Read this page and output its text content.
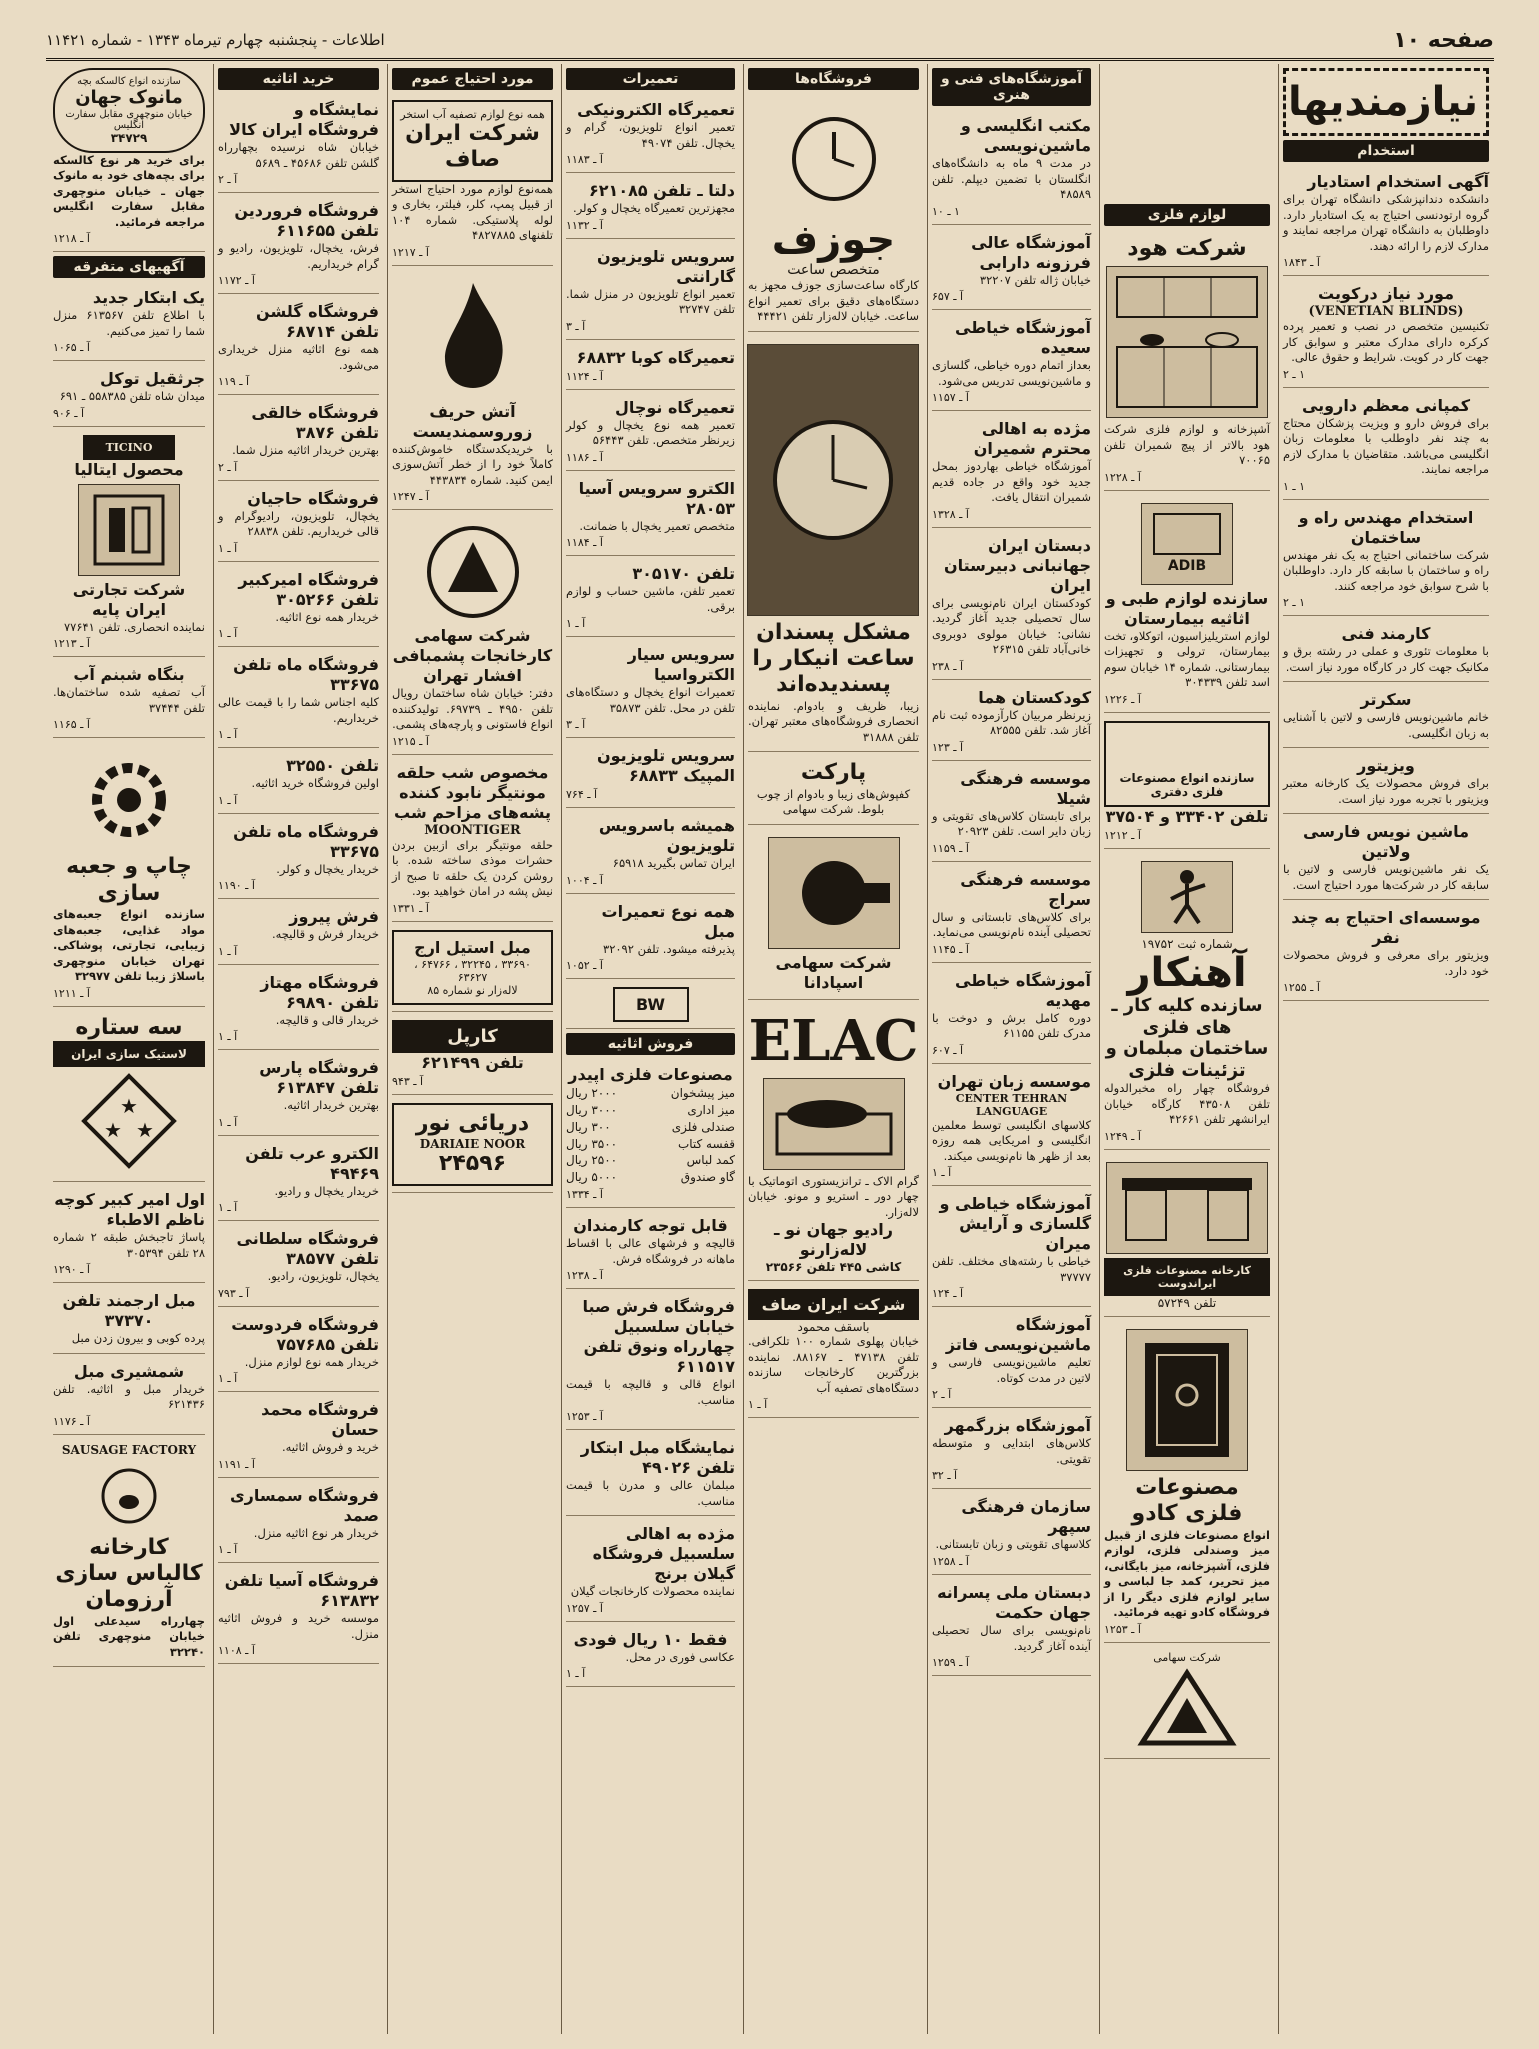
صفحه ۱۰
اطلاعات - پنجشنبه چهارم تیرماه ۱۳۴۳ - شماره ۱۱۴۲۱
نیازمندیها
استخدام
آگهی استخدام استادیار
دانشکده دندانپزشکی دانشگاه تهران برای گروه ارتودنسی احتیاج به یک استادیار دارد. داوطلبان به دانشگاه تهران مراجعه نمایند و مدارک لازم را ارائه دهند.
آ ـ ۱۸۴۳
مورد نیاز درکویت
(VENETIAN BLINDS)
تکنیسین متخصص در نصب و تعمیر پرده کرکره دارای مدارک معتبر و سوابق کار جهت کار در کویت. شرایط و حقوق عالی.
۱ ـ ۲
کمپانی معظم دارویی
برای فروش دارو و ویزیت پزشکان محتاج به چند نفر داوطلب با معلومات زبان انگلیسی می‌باشد. متقاضیان با مدارک لازم مراجعه نمایند.
۱ ـ ۱
استخدام مهندس راه و ساختمان
شرکت ساختمانی احتیاج به یک نفر مهندس راه و ساختمان با سابقه کار دارد. داوطلبان با شرح سوابق خود مراجعه کنند.
۱ ـ ۲
کارمند فنی
با معلومات تئوری و عملی در رشته برق و مکانیک جهت کار در کارگاه مورد نیاز است.
سکرتر
خانم ماشین‌نویس فارسی و لاتین با آشنایی به زبان انگلیسی.
ویزیتور
برای فروش محصولات یک کارخانه معتبر ویزیتور با تجربه مورد نیاز است.
ماشین نویس فارسی ولاتین
یک نفر ماشین‌نویس فارسی و لاتین با سابقه کار در شرکت‌ها مورد احتیاج است.
موسسه‌ای احتیاج به چند نفر
ویزیتور برای معرفی و فروش محصولات خود دارد.
آ ـ ۱۲۵۵
لوازم فلزی
شرکت هود
آشپزخانه و لوازم فلزی شرکت هود بالاتر از پیچ شمیران تلفن ۷۰۰۶۵
آ ـ ۱۲۲۸
ADIB
سازنده لوازم طبی و اثاثیه بیمارستان
لوازم استریلیزاسیون، اتوکلاو، تخت بیمارستان، ترولی و تجهیزات بیمارستانی. شماره ۱۴ خیابان سوم اسد تلفن ۳۰۴۳۳۹
آ ـ ۱۲۲۶
سازنده انواع مصنوعات فلزی دفتری
تلفن ۳۳۴۰۲ و ۳۷۵۰۴
آ ـ ۱۲۱۲
شماره ثبت ۱۹۷۵۲
آهنکار
سازنده کلیه کار ـ های فلزی ساختمان مبلمان و تزئینات فلزی
فروشگاه چهار راه مخبرالدوله تلفن ۴۳۵۰۸ کارگاه خیابان ایرانشهر تلفن ۴۲۶۶۱
آ ـ ۱۲۴۹
کارخانه مصنوعات فلزی ایراندوست
تلفن ۵۷۲۴۹
مصنوعات فلزی کادو
انواع مصنوعات فلزی از قبیل میز وصندلی فلزی، لوازم فلزی، آشپزخانه، میز بایگانی، میز تحریر، کمد جا لباسی و سایر لوازم فلزی دیگر را از فروشگاه کادو تهیه فرمائید.
آ ـ ۱۲۵۳
شرکت سهامی
آموزشگاه‌های فنی و هنری
مکتب انگلیسی و ماشین‌نویسی
در مدت ۹ ماه به دانشگاه‌های انگلستان با تضمین دیپلم. تلفن ۴۸۵۸۹
۱ ـ ۱۰
آموزشگاه عالی فرزونه دارابی
خیابان ژاله تلفن ۳۲۲۰۷
آ ـ ۶۵۷
آموزشگاه خیاطی سعیده
بعداز اتمام دوره خیاطی، گلسازی و ماشین‌نویسی تدریس می‌شود.
آ ـ ۱۱۵۷
مژده به اهالی محترم شمیران
آموزشگاه خیاطی بهاردوز بمحل جدید خود واقع در جاده قدیم شمیران انتقال یافت.
آ ـ ۱۳۲۸
دبستان ایران جهانبانی دبیرستان ایران
کودکستان ایران نام‌نویسی برای سال تحصیلی جدید آغاز گردید. نشانی: خیابان مولوی دوبروی خانی‌آباد تلفن ۲۶۳۱۵
آ ـ ۲۳۸
کودکستان هما
زیرنظر مربیان کارآزموده ثبت نام آغاز شد. تلفن ۸۲۵۵۵
آ ـ ۱۲۳
موسسه فرهنگی شیلا
برای تابستان کلاس‌های تقویتی و زبان دایر است. تلفن ۲۰۹۲۳
آ ـ ۱۱۵۹
موسسه فرهنگی سراج
برای کلاس‌های تابستانی و سال تحصیلی آینده نام‌نویسی می‌نماید.
آ ـ ۱۱۴۵
آموزشگاه خیاطی مهدیه
دوره کامل برش و دوخت با مدرک تلفن ۶۱۱۵۵
آ ـ ۶۰۷
موسسه زبان تهران
CENTER TEHRAN LANGUAGE
کلاسهای انگلیسی توسط معلمین انگلیسی و امریکایی همه روزه بعد از ظهر ها نام‌نویسی میکند.
آ ـ ۱
آموزشگاه خیاطی و گلسازی و آرایش میران
خیاطی با رشته‌های مختلف. تلفن ۳۷۷۷۷
آ ـ ۱۲۴
آموزشگاه ماشین‌نویسی فاتز
تعلیم ماشین‌نویسی فارسی و لاتین در مدت کوتاه.
آ ـ ۲
آموزشگاه بزرگمهر
کلاس‌های ابتدایی و متوسطه تقویتی.
آ ـ ۳۲
سازمان فرهنگی سپهر
کلاسهای تقویتی و زبان تابستانی.
آ ـ ۱۲۵۸
دبستان ملی پسرانه جهان حکمت
نام‌نویسی برای سال تحصیلی آینده آغاز گردید.
آ ـ ۱۲۵۹
فروشگاه‌ها
جوزف
متخصص ساعت
کارگاه ساعت‌سازی جوزف مجهز به دستگاه‌های دقیق برای تعمیر انواع ساعت. خیابان لاله‌زار تلفن ۴۴۴۲۱
مشکل پسندان ساعت انیکار را پسندیده‌اند
زیبا، ظریف و بادوام. نماینده انحصاری فروشگاه‌های معتبر تهران. تلفن ۳۱۸۸۸
پارکت
کفپوش‌های زیبا و بادوام از چوب بلوط. شرکت سهامی
شرکت سهامی اسپادانا
ELAC
گرام الاک ـ ترانزیستوری اتوماتیک با چهار دور ـ استریو و مونو. خیابان لاله‌زار.
رادیو جهان نو ـ لاله‌زارنو
کاشی ۴۴۵ تلفن ۲۳۵۶۶
شرکت ایران صاف
باسقف محمود
خیابان پهلوی شماره ۱۰۰ تلکرافی. تلفن ۴۷۱۳۸ ـ ۸۸۱۶۷. نماینده بزرگترین کارخانجات سازنده دستگاه‌های تصفیه آب
آ ـ ۱
تعمیرات
تعمیرگاه الکترونیکی
تعمیر انواع تلویزیون، گرام و یخچال. تلفن ۴۹۰۷۴
آ ـ ۱۱۸۳
دلتا ـ تلفن ۶۲۱۰۸۵
مجهزترین تعمیرگاه یخچال و کولر.
آ ـ ۱۱۳۲
سرویس تلویزیون گارانتی
تعمیر انواع تلویزیون در منزل شما. تلفن ۳۲۷۴۷
آ ـ ۳
تعمیرگاه کوبا ۶۸۸۳۲
آ ـ ۱۱۲۴
تعمیرگاه نوچال
تعمیر همه نوع یخچال و کولر زیرنظر متخصص. تلفن ۵۶۴۴۳
آ ـ ۱۱۸۶
الکترو سرویس آسیا ۲۸۰۵۳
متخصص تعمیر یخچال با ضمانت.
آ ـ ۱۱۸۴
تلفن ۳۰۵۱۷۰
تعمیر تلفن، ماشین حساب و لوازم برقی.
آ ـ ۱
سرویس سیار الکترواسیا
تعمیرات انواع یخچال و دستگاه‌های تلفن در محل. تلفن ۳۵۸۷۳
آ ـ ۳
سرویس تلویزیون المپیک ۶۸۸۳۳
آ ـ ۷۶۴
همیشه باسرویس تلویزیون
ایران تماس بگیرید ۶۵۹۱۸
آ ـ ۱۰۰۴
همه نوع تعمیرات مبل
پذیرفته میشود. تلفن ۳۲۰۹۲
آ ـ ۱۰۵۲
BW
فروش اثاثیه
مصنوعات فلزی اپیدر
میز پیشخوان
۲۰۰۰ ریال
میز اداری
۳۰۰۰ ریال
صندلی فلزی
۳۰۰ ریال
قفسه کتاب
۳۵۰۰ ریال
کمد لباس
۲۵۰۰ ریال
گاو صندوق
۵۰۰۰ ریال
آ ـ ۱۳۳۴
قابل توجه کارمندان
قالیچه و فرشهای عالی با اقساط ماهانه در فروشگاه فرش.
آ ـ ۱۲۳۸
فروشگاه فرش صبا خیابان سلسبیل چهارراه ونوق تلفن ۶۱۱۵۱۷
انواع قالی و قالیچه با قیمت مناسب.
آ ـ ۱۲۵۳
نمایشگاه مبل ابتکار تلفن ۴۹۰۲۶
مبلمان عالی و مدرن با قیمت مناسب.
مژده به اهالی سلسبیل فروشگاه گیلان برنج
نماینده محصولات کارخانجات گیلان
آ ـ ۱۲۵۷
فقط ۱۰ ریال فودی
عکاسی فوری در محل.
آ ـ ۱
مورد احتیاج عموم
همه نوع لوازم تصفیه آب استخر
شرکت ایران صاف
همه‌نوع لوازم مورد احتیاج استخر از قبیل پمپ، کلر، فیلتر، بخاری و لوله پلاستیکی. شماره ۱۰۴ تلفنهای ۴۸۲۷۸۸۵
آ ـ ۱۲۱۷
آتش حریف زوروسمندیست
با خریدیکدستگاه خاموش‌کننده کاملاً خود را از خطر آتش‌سوزی ایمن کنید. شماره ۴۴۳۸۳۴
آ ـ ۱۲۴۷
شرکت سهامی کارخانجات پشمبافی افشار تهران
دفتر: خیابان شاه ساختمان رویال تلفن ۴۹۵۰ ـ ۶۹۷۳۹. تولیدکننده انواع فاستونی و پارچه‌های پشمی.
آ ـ ۱۲۱۵
مخصوص شب حلقه مونتیگر نابود کننده پشه‌های مزاحم شب
MOONTIGER
حلقه مونتیگر برای ازبین بردن حشرات موذی ساخته شده. با روشن کردن یک حلقه تا صبح از نیش پشه در امان خواهید بود.
آ ـ ۱۳۳۱
مبل استیل ارج
۳۳۶۹۰ ، ۳۲۲۴۵ ، ۶۴۷۶۶ ، ۶۳۶۲۷
لاله‌زار نو شماره ۸۵
کارپل
تلفن ۶۲۱۴۹۹
آ ـ ۹۴۳
دریائی نور
DARIAIE NOOR
۲۴۵۹۶
خرید اثاثیه
نمایشگاه و فروشگاه ایران کالا
خیابان شاه نرسیده بچهارراه گلشن تلفن ۴۵۶۸۶ ـ ۵۶۸۹
آ ـ ۲
فروشگاه فروردین تلفن ۶۱۱۶۵۵
فرش، یخچال، تلویزیون، رادیو و گرام خریداریم.
آ ـ ۱۱۷۲
فروشگاه گلشن تلفن ۶۸۷۱۴
همه نوع اثاثیه منزل خریداری می‌شود.
آ ـ ۱۱۹
فروشگاه خالقی تلفن ۳۸۷۶
بهترین خریدار اثاثیه منزل شما.
آ ـ ۲
فروشگاه حاجیان
یخچال، تلویزیون، رادیوگرام و قالی خریداریم. تلفن ۲۸۸۳۸
آ ـ ۱
فروشگاه امیرکبیر تلفن ۳۰۵۲۶۶
خریدار همه نوع اثاثیه.
آ ـ ۱
فروشگاه ماه تلفن ۳۳۶۷۵
کلیه اجناس شما را با قیمت عالی خریداریم.
آ ـ ۱
تلفن ۳۲۵۵۰
اولین فروشگاه خرید اثاثیه.
آ ـ ۱
فروشگاه ماه تلفن ۳۳۶۷۵
خریدار یخچال و کولر.
آ ـ ۱۱۹۰
فرش پیروز
خریدار فرش و قالیچه.
آ ـ ۱
فروشگاه مهتاز تلفن ۶۹۸۹۰
خریدار قالی و قالیچه.
آ ـ ۱
فروشگاه پارس تلفن ۶۱۳۸۴۷
بهترین خریدار اثاثیه.
آ ـ ۱
الکترو عرب تلفن ۴۹۴۶۹
خریدار یخچال و رادیو.
آ ـ ۱
فروشگاه سلطانی تلفن ۳۸۵۷۷
یخچال، تلویزیون، رادیو.
آ ـ ۷۹۳
فروشگاه فردوست تلفن ۷۵۷۶۸۵
خریدار همه نوع لوازم منزل.
آ ـ ۱
فروشگاه محمد حسان
خرید و فروش اثاثیه.
آ ـ ۱۱۹۱
فروشگاه سمساری صمد
خریدار هر نوع اثاثیه منزل.
آ ـ ۱
فروشگاه آسیا تلفن ۶۱۳۸۳۲
موسسه خرید و فروش اثاثیه منزل.
آ ـ ۱۱۰۸
سازنده انواع کالسکه بچه
مانوک جهان
خیابان منوچهری مقابل سفارت انگلیس
۳۴۷۲۹
برای خرید هر نوع کالسکه برای بچه‌های خود به مانوک جهان ـ خیابان منوچهری مقابل سفارت انگلیس مراجعه فرمائید.
آ ـ ۱۲۱۸
آگهیهای متفرقه
یک ابتکار جدید
با اطلاع تلفن ۶۱۳۵۶۷ منزل شما را تمیز می‌کنیم.
آ ـ ۱۰۶۵
جرثقیل توکل
میدان شاه تلفن ۵۵۸۳۸۵ ـ ۶۹۱
آ ـ ۹۰۶
TICINO
محصول ایتالیا
شرکت تجارتی ایران پایه
نماینده انحصاری. تلفن ۷۷۶۴۱
آ ـ ۱۲۱۳
بنگاه شبنم آب
آب تصفیه شده ساختمان‌ها. تلفن ۳۷۴۴۴
آ ـ ۱۱۶۵
چاپ و جعبه سازی
سازنده انواع جعبه‌های مواد غذایی، جعبه‌های زیبایی، تجارتی، پوشاکی. تهران خیابان منوچهری باسلاژ زیبا تلفن ۳۲۹۷۷
آ ـ ۱۲۱۱
سه ستاره
لاستیک سازی ایران
★
★ ★
اول امیر کبیر کوچه ناظم الاطباء
پاساژ تاجبخش طبقه ۲ شماره ۲۸ تلفن ۳۰۵۳۹۴
آ ـ ۱۲۹۰
مبل ارجمند تلفن ۳۷۳۷۰
پرده کوبی و بیرون زدن مبل
شمشیری مبل
خریدار مبل و اثاثیه. تلفن ۶۲۱۴۳۶
آ ـ ۱۱۷۶
SAUSAGE FACTORY
کارخانه کالباس سازی آرزومان
چهارراه سیدعلی اول خیابان منوچهری تلفن ۳۲۲۴۰
